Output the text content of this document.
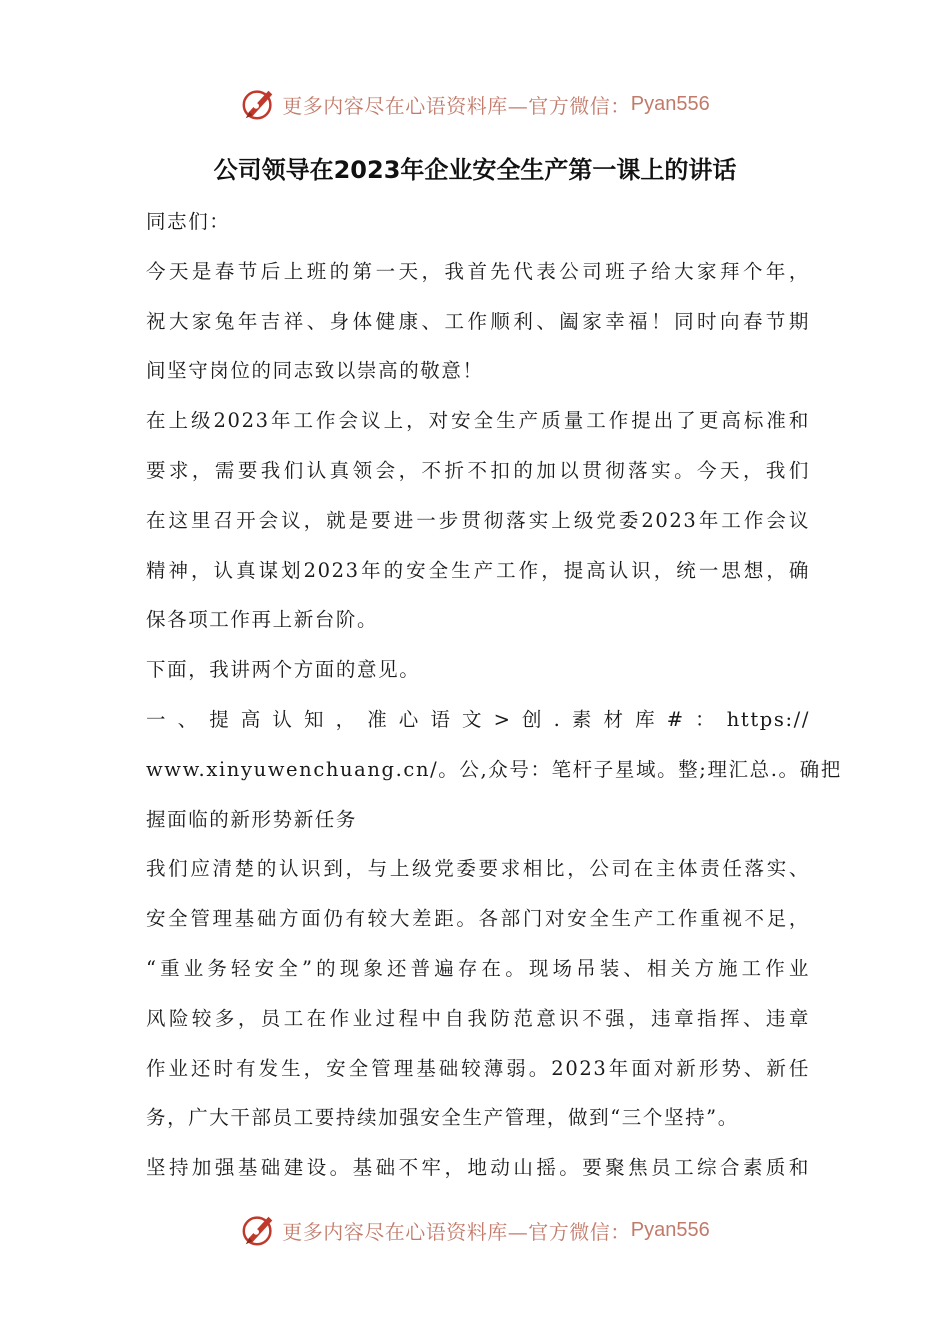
更多内容尽在心语资料库—官方微信： Pyan556
公司领导在2023年企业安全生产第一课上的讲话
同志们：
今天是春节后上班的第一天，我首先代表公司班子给大家拜个年，
祝大家兔年吉祥、身体健康、工作顺利、阖家幸福！同时向春节期
间坚守岗位的同志致以崇高的敬意！
在上级2023年工作会议上，对安全生产质量工作提出了更高标准和
要求，需要我们认真领会，不折不扣的加以贯彻落实。今天，我们
在这里召开会议，就是要进一步贯彻落实上级党委2023年工作会议
精神，认真谋划2023年的安全生产工作，提高认识，统一思想，确
保各项工作再上新台阶。
下面，我讲两个方面的意见。
一、提高认知，准心语文>创.素材库#：https://
www.xinyuwenchuang.cn/。公,众号：笔杆子星域。整;理汇总.。确把
握面临的新形势新任务
我们应清楚的认识到，与上级党委要求相比，公司在主体责任落实、
安全管理基础方面仍有较大差距。各部门对安全生产工作重视不足，
“重业务轻安全”的现象还普遍存在。现场吊装、相关方施工作业
风险较多，员工在作业过程中自我防范意识不强，违章指挥、违章
作业还时有发生，安全管理基础较薄弱。2023年面对新形势、新任
务，广大干部员工要持续加强安全生产管理，做到“三个坚持”。
坚持加强基础建设。基础不牢，地动山摇。要聚焦员工综合素质和
更多内容尽在心语资料库—官方微信： Pyan556
